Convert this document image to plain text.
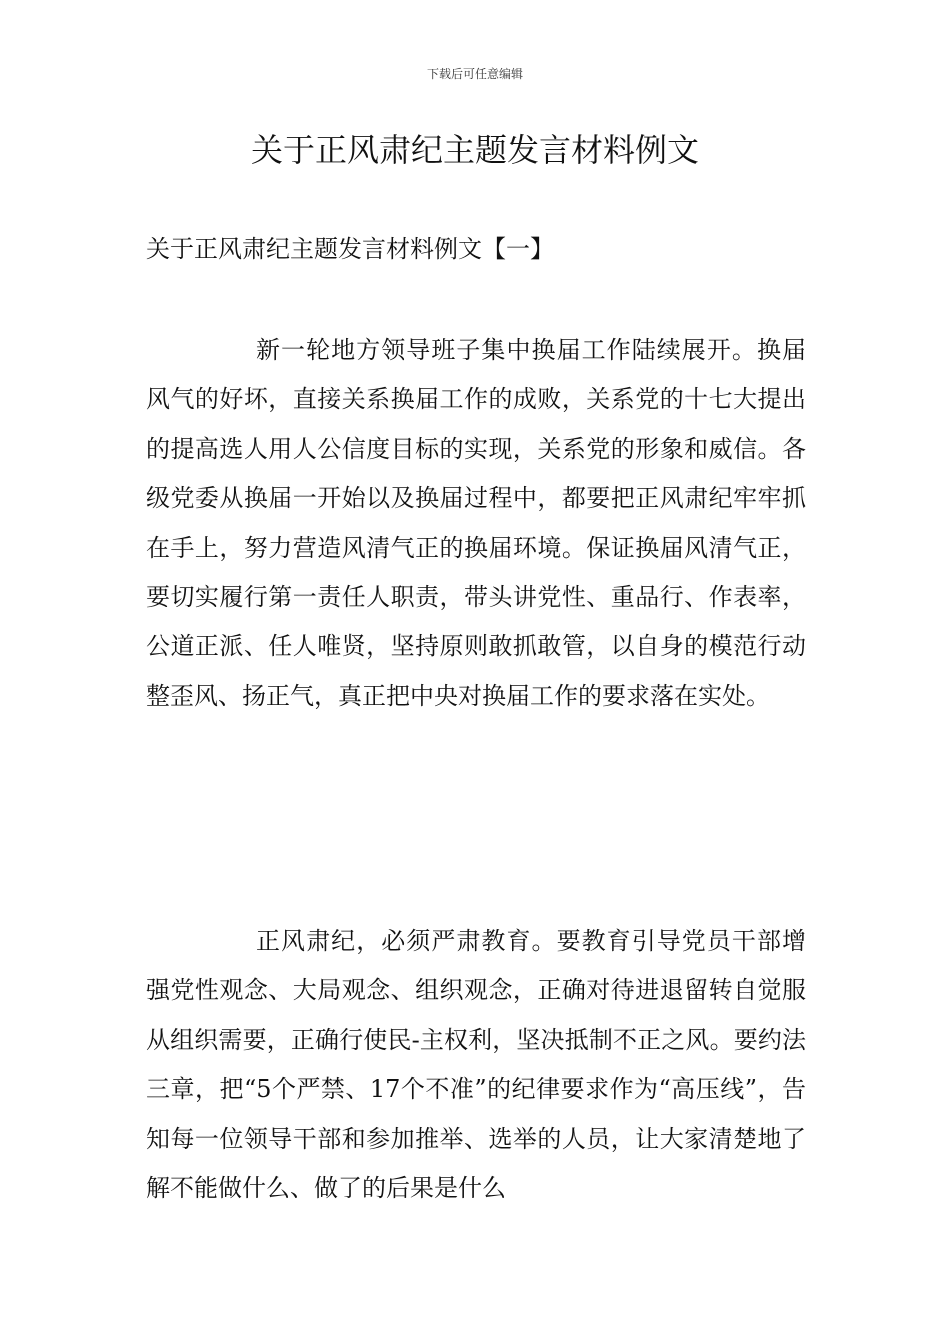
下载后可任意编辑
关于正风肃纪主题发言材料例文
关于正风肃纪主题发言材料例文【一】

新一轮地方领导班子集中换届工作陆续展开。换届风气的好坏，直接关系换届工作的成败，关系党的十七大提出的提高选人用人公信度目标的实现，关系党的形象和威信。各级党委从换届一开始以及换届过程中，都要把正风肃纪牢牢抓在手上，努力营造风清气正的换届环境。保证换届风清气正，要切实履行第一责任人职责，带头讲党性、重品行、作表率，公道正派、任人唯贤，坚持原则敢抓敢管，以自身的模范行动整歪风、扬正气，真正把中央对换届工作的要求落在实处。

正风肃纪，必须严肃教育。要教育引导党员干部增强党性观念、大局观念、组织观念，正确对待进退留转自觉服从组织需要，正确行使民-主权利，坚决抵制不正之风。要约法三章，把“5个严禁、17个不准”的纪律要求作为“高压线”，告知每一位领导干部和参加推举、选举的人员，让大家清楚地了解不能做什么、做了的后果是什么
